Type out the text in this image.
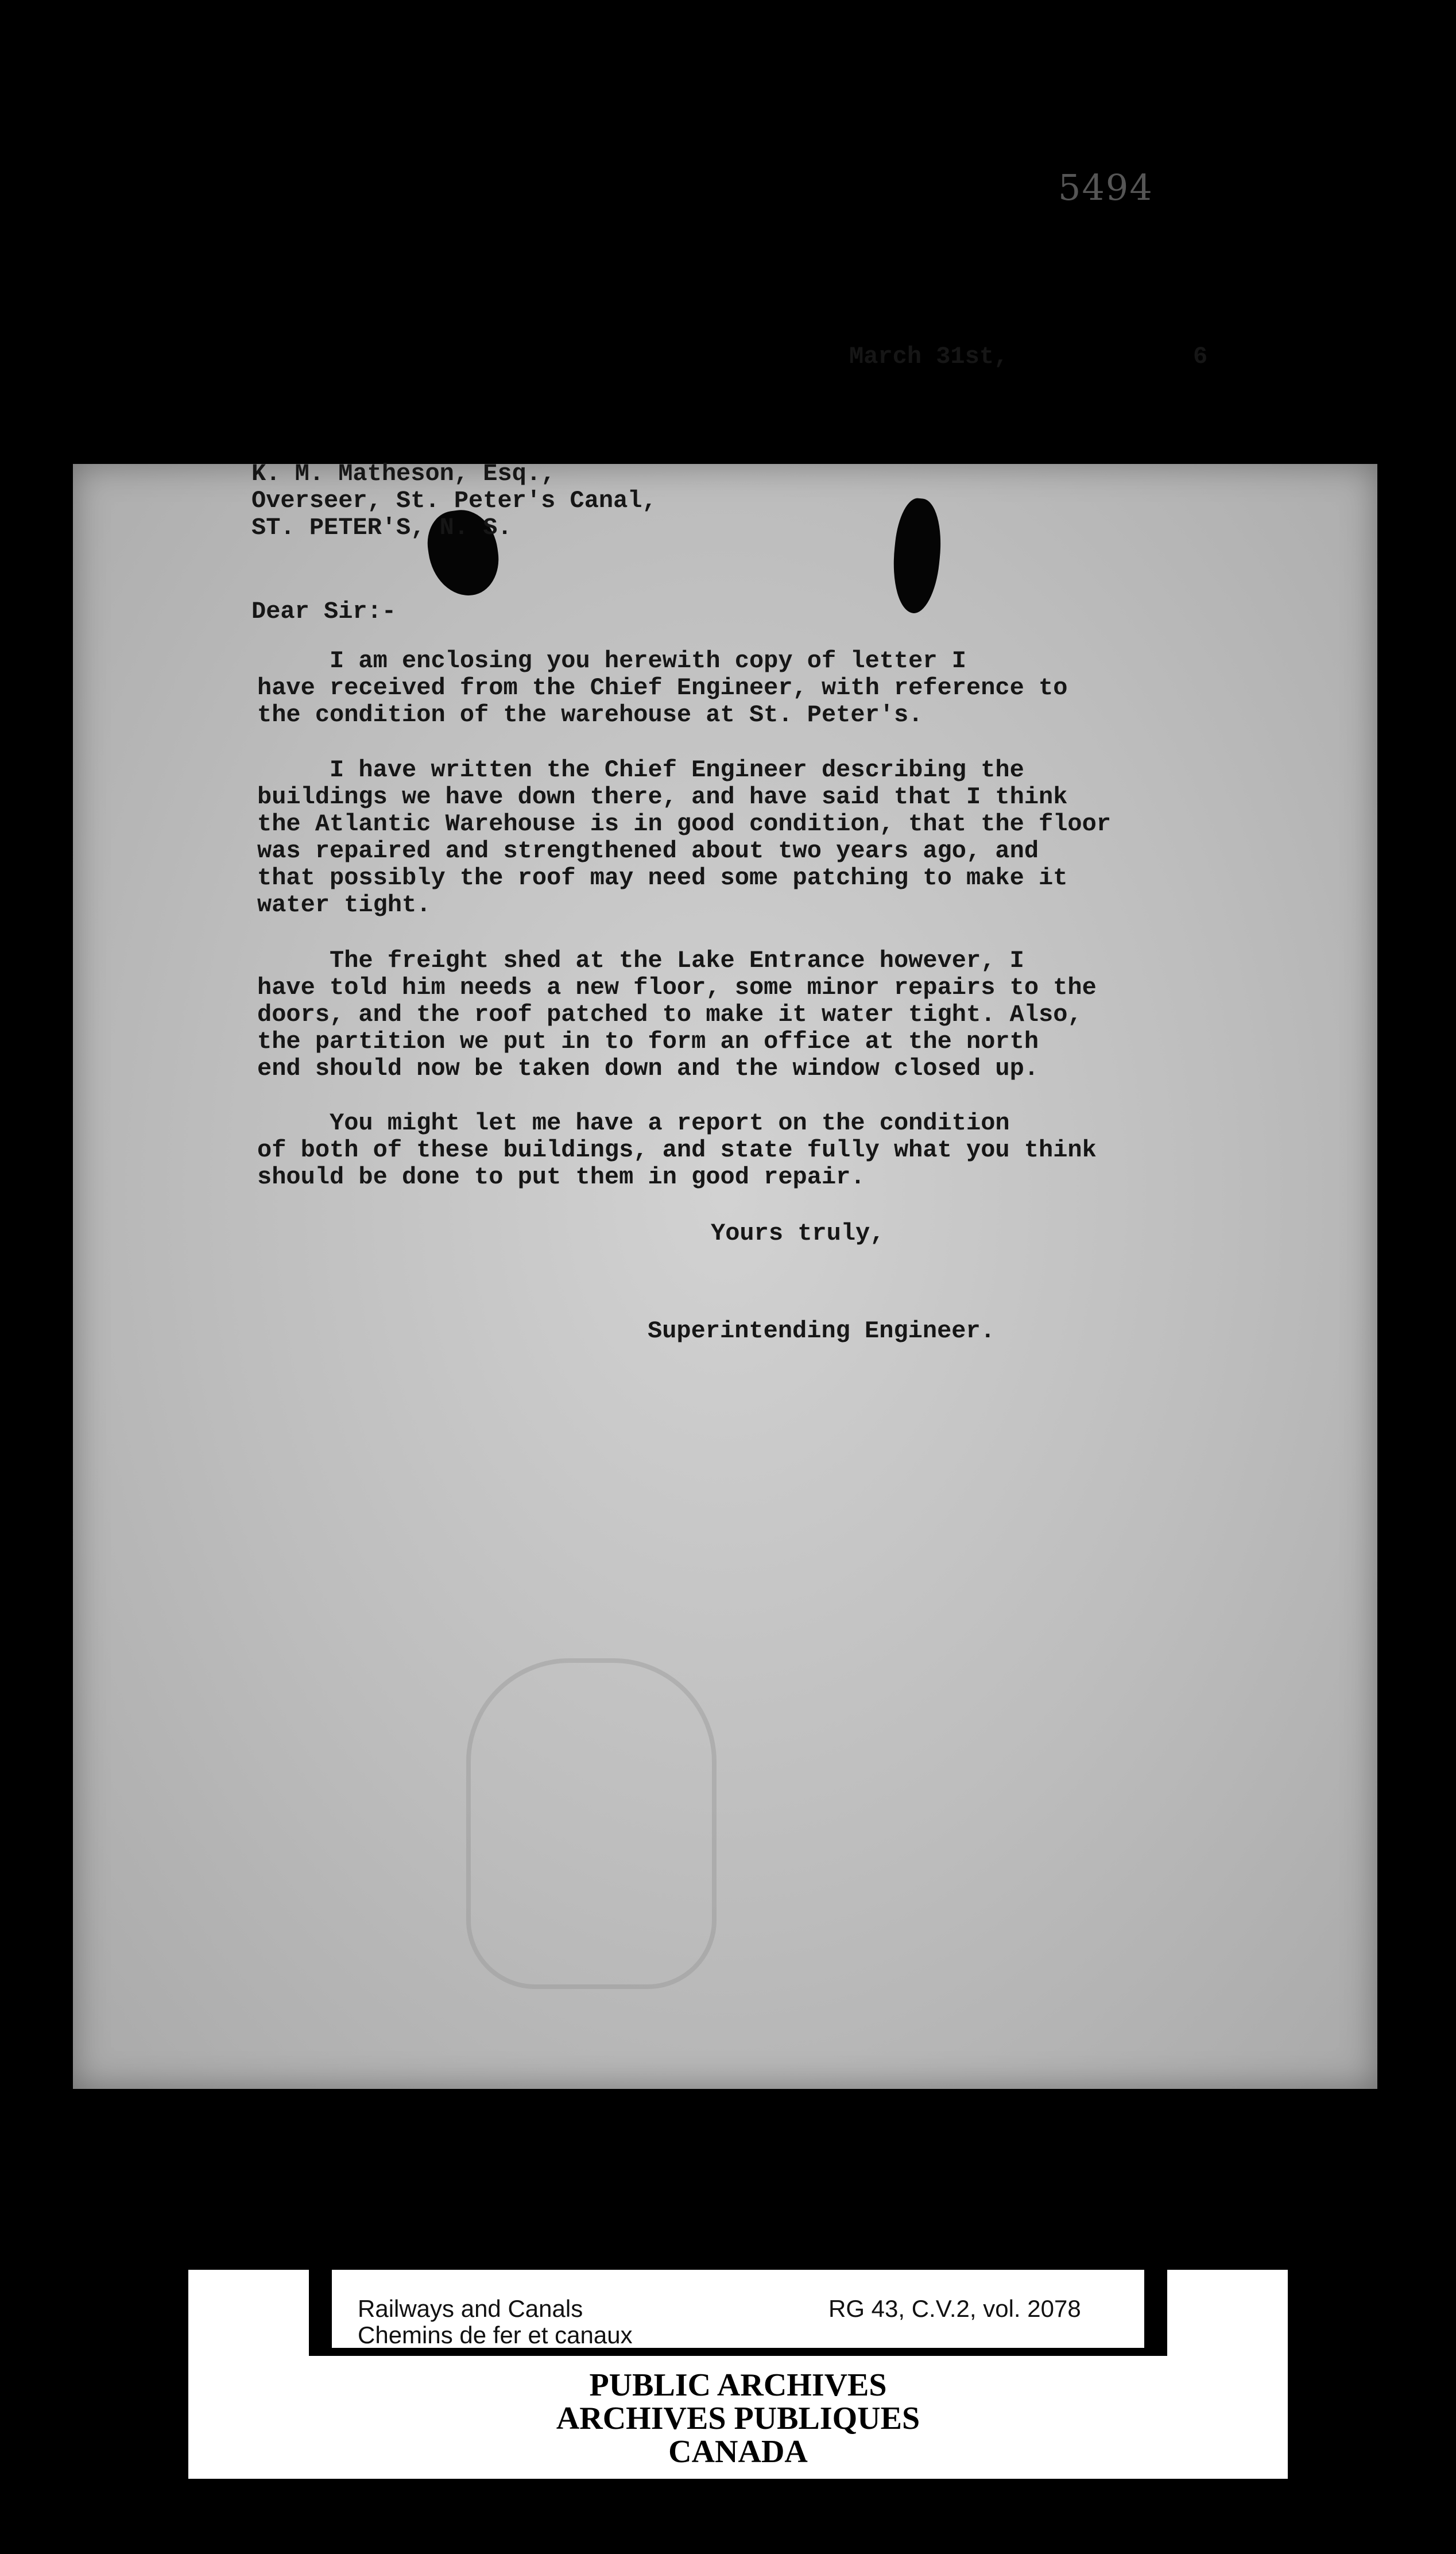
5494
March 31st,	6
K. M. Matheson, Esq.,
Overseer, St. Peter's Canal,
ST. PETER'S, N. S.
Dear Sir:-
I am enclosing you herewith copy of letter I
have received from the Chief Engineer, with reference to
the condition of the warehouse at St. Peter's.
I have written the Chief Engineer describing the
buildings we have down there, and have said that I think
the Atlantic Warehouse is in good condition, that the floor
was repaired and strengthened about two years ago, and
that possibly the roof may need some patching to make it
water tight.
The freight shed at the Lake Entrance however, I
have told him needs a new floor, some minor repairs to the
doors, and the roof patched to make it water tight. Also,
the partition we put in to form an office at the north
end should now be taken down and the window closed up.
You might let me have a report on the condition
of both of these buildings, and state fully what you think
should be done to put them in good repair.
Yours truly,
Superintending Engineer.
Railways and Canals
Chemins de fer et canaux
RG 43, C.V.2, vol. 2078
PUBLIC ARCHIVES
ARCHIVES PUBLIQUES
CANADA
